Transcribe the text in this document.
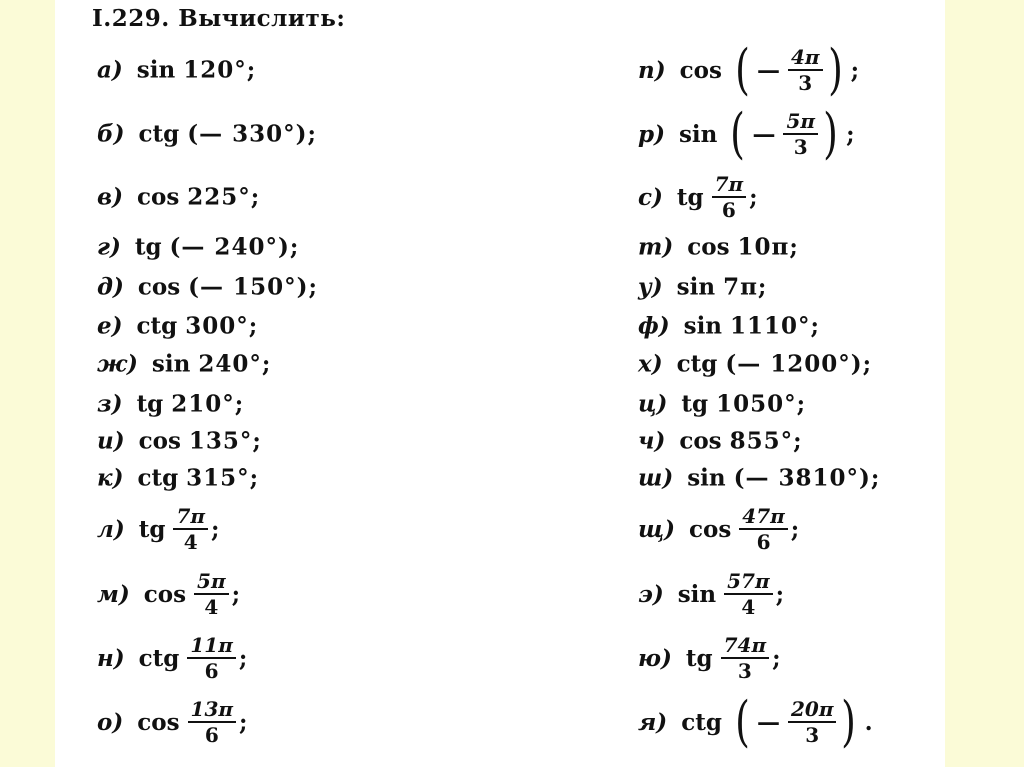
I.229. Вычислить:
а) sin 120°;
б) ctg (— 330°);
в) cos 225°;
г) tg (— 240°);
д) cos (— 150°);
е) ctg 300°;
ж) sin 240°;
з) tg 210°;
и) cos 135°;
к) ctg 315°;
л) tg $\frac{7\pi}{4}$ ;
м) $\cos \frac{5\pi}{4}$ ;
н) ctg $\frac{11\pi}{6}$ ;
о) $\cos \frac{13\pi}{6}$ ;
п) cos ( — $\frac{4\pi}{3}$ ) ;
р) sin ( — $\frac{5\pi}{3}$ ) ;
с) tg $\frac{7\pi}{6}$ ;
т) cos 10π;
у) sin 7π;
ф) sin 1110°;
х) ctg (— 1200°);
ц) tg 1050°;
ч) cos 855°;
ш) sin (— 3810°);
щ) $\cos \frac{47\pi}{6}$ ;
э) $\sin \frac{57\pi}{4}$ ;
ю) tg $\frac{74\pi}{3}$ ;
я) ctg ( — $\frac{20\pi}{3}$ ) .
